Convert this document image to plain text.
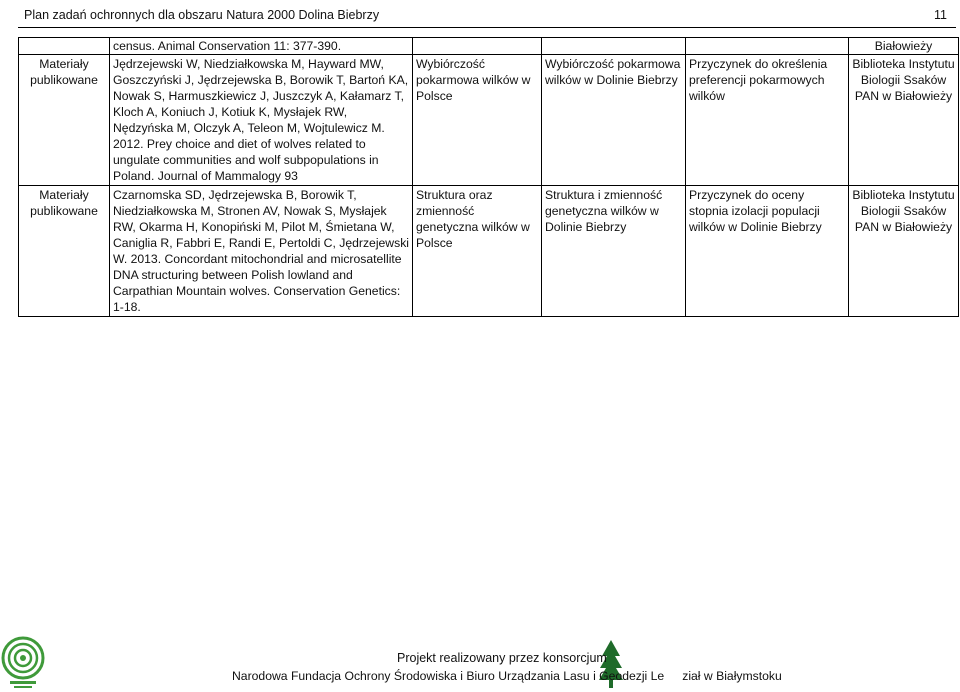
Plan zadań ochronnych dla obszaru Natura 2000 Dolina Biebrzy	11
	census. Animal Conservation 11: 377-390.				Białowieży
Materiały publikowane	Jędrzejewski W, Niedziałkowska M, Hayward MW, Goszczyński J, Jędrzejewska B, Borowik T, Bartoń KA, Nowak S, Harmuszkiewicz J, Juszczyk A, Kałamarz T, Kloch A, Koniuch J, Kotiuk K, Mysłajek RW, Nędzyńska M, Olczyk A, Teleon M, Wojtulewicz M. 2012. Prey choice and diet of wolves related to ungulate communities and wolf subpopulations in Poland. Journal of Mammalogy 93	Wybiórczość pokarmowa wilków w Polsce	Wybiórczość pokarmowa wilków w Dolinie Biebrzy	Przyczynek do określenia preferencji pokarmowych wilków	Biblioteka Instytutu Biologii Ssaków PAN w Białowieży
Materiały publikowane	Czarnomska SD, Jędrzejewska B, Borowik T, Niedziałkowska M, Stronen AV, Nowak S, Mysłajek RW, Okarma H, Konopiński M, Pilot M, Śmietana W, Caniglia R, Fabbri E, Randi E, Pertoldi C, Jędrzejewski W. 2013. Concordant mitochondrial and microsatellite DNA structuring between Polish lowland and Carpathian Mountain wolves. Conservation Genetics: 1-18.	Struktura oraz zmienność genetyczna wilków w Polsce	Struktura i zmienność genetyczna wilków w Dolinie Biebrzy	Przyczynek do oceny stopnia izolacji populacji wilków w Dolinie Biebrzy	Biblioteka Instytutu Biologii Ssaków PAN w Białowieży
Projekt realizowany przez konsorcjum
Narodowa Fundacja Ochrony Środowiska i Biuro Urządzania Lasu i Geodezji Le ział w Białymstoku
